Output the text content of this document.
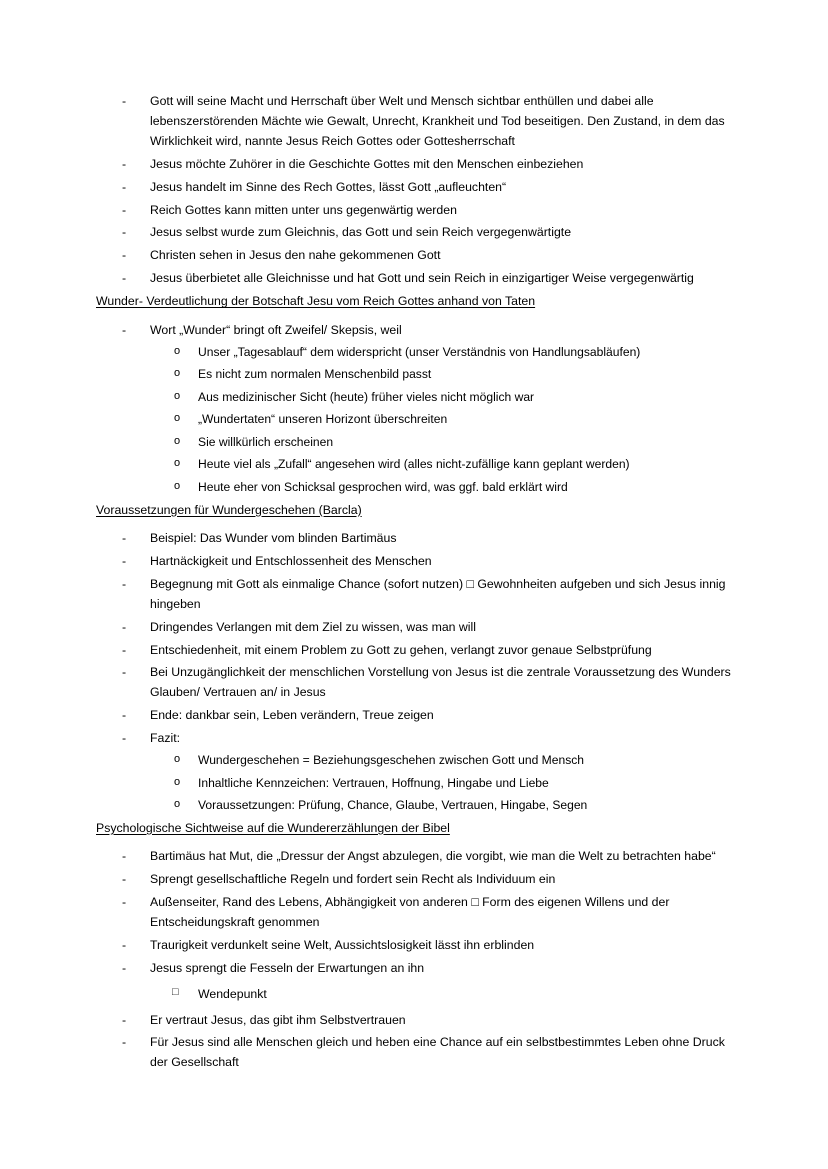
- Gott will seine Macht und Herrschaft über Welt und Mensch sichtbar enthüllen und dabei alle lebenszerstörenden Mächte wie Gewalt, Unrecht, Krankheit und Tod beseitigen. Den Zustand, in dem das Wirklichkeit wird, nannte Jesus Reich Gottes oder Gottesherrschaft
- Jesus möchte Zuhörer in die Geschichte Gottes mit den Menschen einbeziehen
- Jesus handelt im Sinne des Rech Gottes, lässt Gott „aufleuchten“
- Reich Gottes kann mitten unter uns gegenwärtig werden
- Jesus selbst wurde zum Gleichnis, das Gott und sein Reich vergegenwärtigte
- Christen sehen in Jesus den nahe gekommenen Gott
- Jesus überbietet alle Gleichnisse und hat Gott und sein Reich in einzigartiger Weise vergegenwärtig
Wunder- Verdeutlichung der Botschaft Jesu vom Reich Gottes anhand von Taten
- Wort „Wunder“ bringt oft Zweifel/ Skepsis, weil
o Unser „Tagesablauf“ dem widerspricht (unser Verständnis von Handlungsabläufen)
o Es nicht zum normalen Menschenbild passt
o Aus medizinischer Sicht (heute) früher vieles nicht möglich war
o „Wundertaten“ unseren Horizont überschreiten
o Sie willkürlich erscheinen
o Heute viel als „Zufall“ angesehen wird (alles nicht-zufällige kann geplant werden)
o Heute eher von Schicksal gesprochen wird, was ggf. bald erklärt wird
Voraussetzungen für Wundergeschehen (Barcla)
- Beispiel: Das Wunder vom blinden Bartimäus
- Hartnäckigkeit und Entschlossenheit des Menschen
- Begegnung mit Gott als einmalige Chance (sofort nutzen) □ Gewohnheiten aufgeben und sich Jesus innig hingeben
- Dringendes Verlangen mit dem Ziel zu wissen, was man will
- Entschiedenheit, mit einem Problem zu Gott zu gehen, verlangt zuvor genaue Selbstprüfung
- Bei Unzugänglichkeit der menschlichen Vorstellung von Jesus ist die zentrale Voraussetzung des Wunders Glauben/ Vertrauen an/ in Jesus
- Ende: dankbar sein, Leben verändern, Treue zeigen
- Fazit:
o Wundergeschehen = Beziehungsgeschehen zwischen Gott und Mensch
o Inhaltliche Kennzeichen: Vertrauen, Hoffnung, Hingabe und Liebe
o Voraussetzungen: Prüfung, Chance, Glaube, Vertrauen, Hingabe, Segen
Psychologische Sichtweise auf die Wundererzählungen der Bibel
- Bartimäus hat Mut, die „Dressur der Angst abzulegen, die vorgibt, wie man die Welt zu betrachten habe“
- Sprengt gesellschaftliche Regeln und fordert sein Recht als Individuum ein
- Außenseiter, Rand des Lebens, Abhängigkeit von anderen □ Form des eigenen Willens und der Entscheidungskraft genommen
- Traurigkeit verdunkelt seine Welt, Aussichtslosigkeit lässt ihn erblinden
- Jesus sprengt die Fesseln der Erwartungen an ihn
□ Wendepunkt
- Er vertraut Jesus, das gibt ihm Selbstvertrauen
- Für Jesus sind alle Menschen gleich und heben eine Chance auf ein selbstbestimmtes Leben ohne Druck der Gesellschaft
